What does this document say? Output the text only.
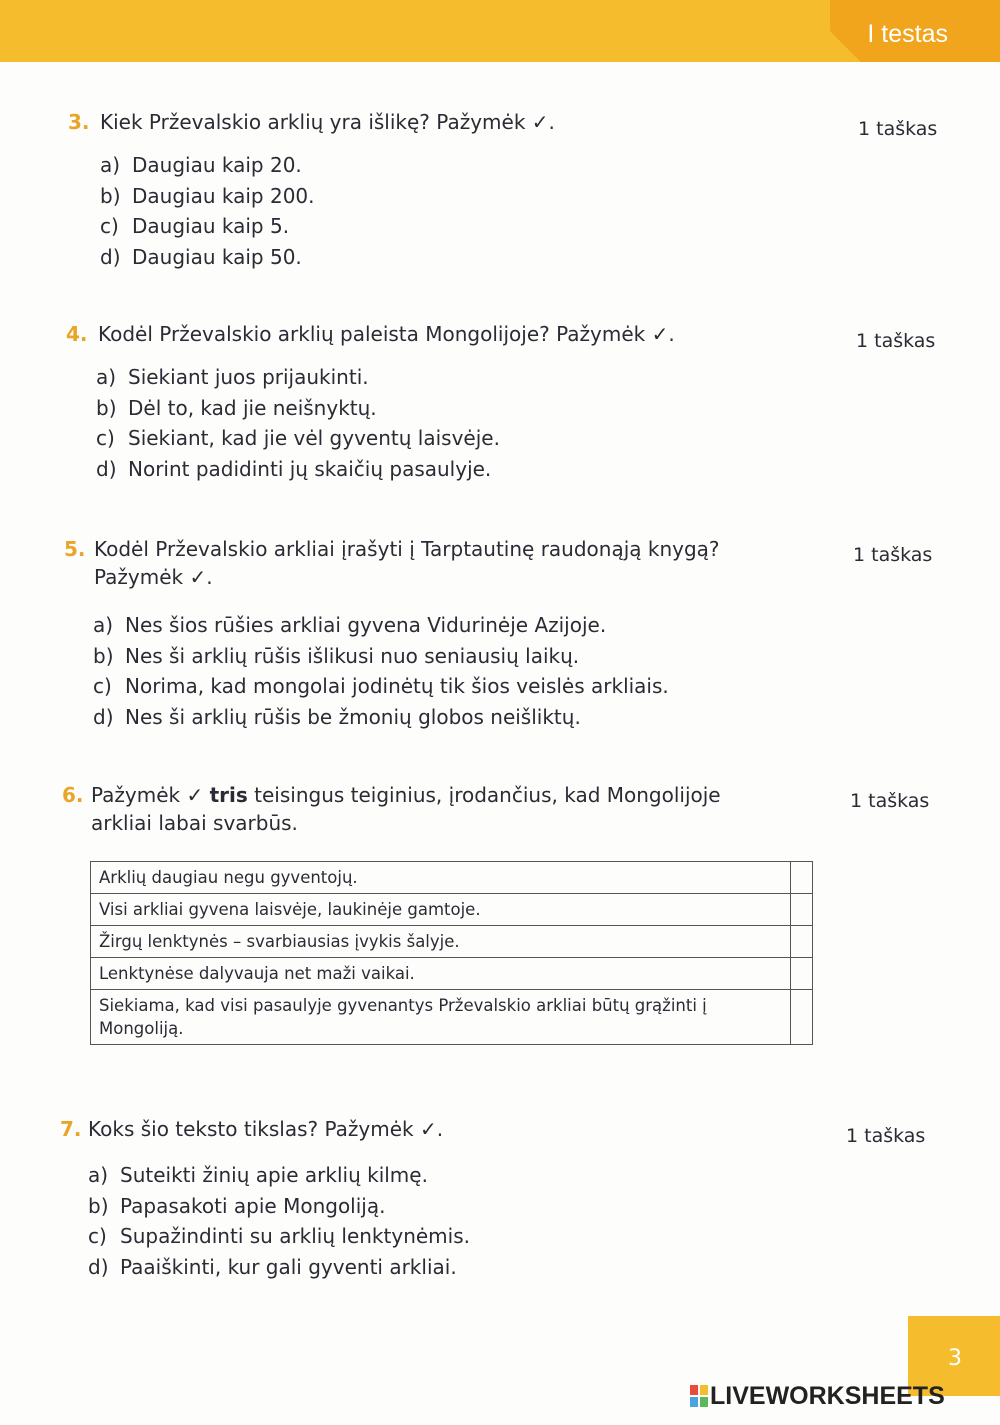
I testas
3. Kiek Prževalskio arklių yra išlikę? Pažymėk ✓.	1 taškas
a) Daugiau kaip 20.
b) Daugiau kaip 200.
c) Daugiau kaip 5.
d) Daugiau kaip 50.
4. Kodėl Prževalskio arklių paleista Mongolijoje? Pažymėk ✓.	1 taškas
a) Siekiant juos prijaukinti.
b) Dėl to, kad jie neišnyktų.
c) Siekiant, kad jie vėl gyventų laisvėje.
d) Norint padidinti jų skaičių pasaulyje.
5. Kodėl Prževalskio arkliai įrašyti į Tarptautinę raudonąją knygą?
Pažymėk ✓.
1 taškas
a) Nes šios rūšies arkliai gyvena Vidurinėje Azijoje.
b) Nes ši arklių rūšis išlikusi nuo seniausių laikų.
c) Norima, kad mongolai jodinėtų tik šios veislės arkliais.
d) Nes ši arklių rūšis be žmonių globos neišliktų.
6. Pažymėk ✓ tris teisingus teiginius, įrodančius, kad Mongolijoje
arkliai labai svarbūs.
1 taškas
Arklių daugiau negu gyventojų.	
Visi arkliai gyvena laisvėje, laukinėje gamtoje.	
Žirgų lenktynės – svarbiausias įvykis šalyje.	
Lenktynėse dalyvauja net maži vaikai.	
Siekiama, kad visi pasaulyje gyvenantys Prževalskio arkliai būtų grąžinti į Mongoliją.	
7. Koks šio teksto tikslas? Pažymėk ✓.	1 taškas
a) Suteikti žinių apie arklių kilmę.
b) Papasakoti apie Mongoliją.
c) Supažindinti su arklių lenktynėmis.
d) Paaiškinti, kur gali gyventi arkliai.
3
LIVEWORKSHEETS
